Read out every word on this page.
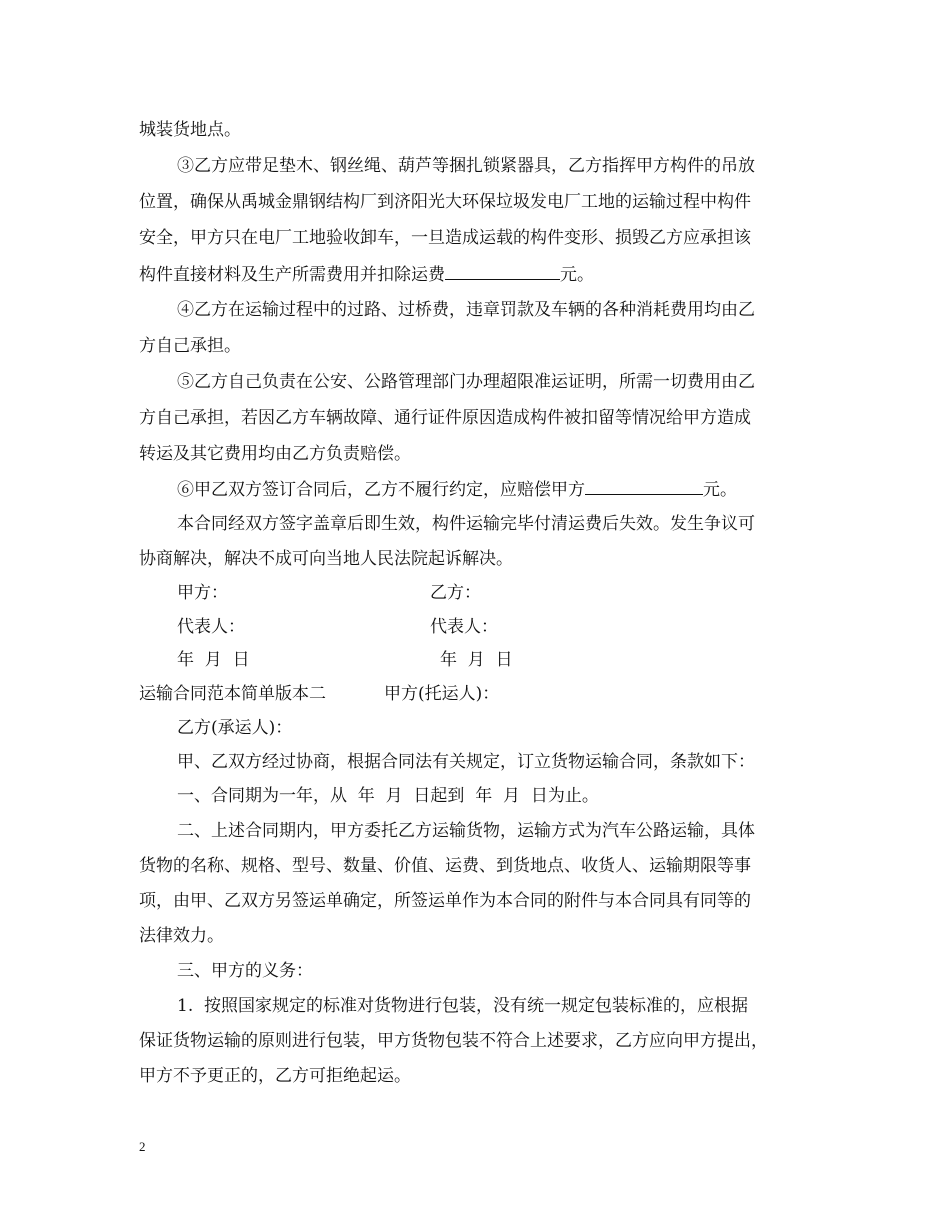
城装货地点。
③乙方应带足垫木、钢丝绳、葫芦等捆扎锁紧器具，乙方指挥甲方构件的吊放
位置，确保从禹城金鼎钢结构厂到济阳光大环保垃圾发电厂工地的运输过程中构件
安全，甲方只在电厂工地验收卸车，一旦造成运载的构件变形、损毁乙方应承担该
构件直接材料及生产所需费用并扣除运费	元。
④乙方在运输过程中的过路、过桥费，违章罚款及车辆的各种消耗费用均由乙
方自己承担。
⑤乙方自己负责在公安、公路管理部门办理超限准运证明，所需一切费用由乙
方自己承担，若因乙方车辆故障、通行证件原因造成构件被扣留等情况给甲方造成
转运及其它费用均由乙方负责赔偿。
⑥甲乙双方签订合同后，乙方不履行约定，应赔偿甲方	元。
本合同经双方签字盖章后即生效，构件运输完毕付清运费后失效。发生争议可
协商解决，解决不成可向当地人民法院起诉解决。
甲方：	乙方：
代表人：	代表人：
年  月  日	年  月  日
运输合同范本简单版本二	甲方(托运人)：
乙方(承运人)：
甲、乙双方经过协商，根据合同法有关规定，订立货物运输合同，条款如下：
一、合同期为一年，从  年  月  日起到  年  月  日为止。
二、上述合同期内，甲方委托乙方运输货物，运输方式为汽车公路运输，具体
货物的名称、规格、型号、数量、价值、运费、到货地点、收货人、运输期限等事
项，由甲、乙双方另签运单确定，所签运单作为本合同的附件与本合同具有同等的
法律效力。
三、甲方的义务：
1.  按照国家规定的标准对货物进行包装，没有统一规定包装标准的，应根据
保证货物运输的原则进行包装，甲方货物包装不符合上述要求，乙方应向甲方提出，
甲方不予更正的，乙方可拒绝起运。
2
